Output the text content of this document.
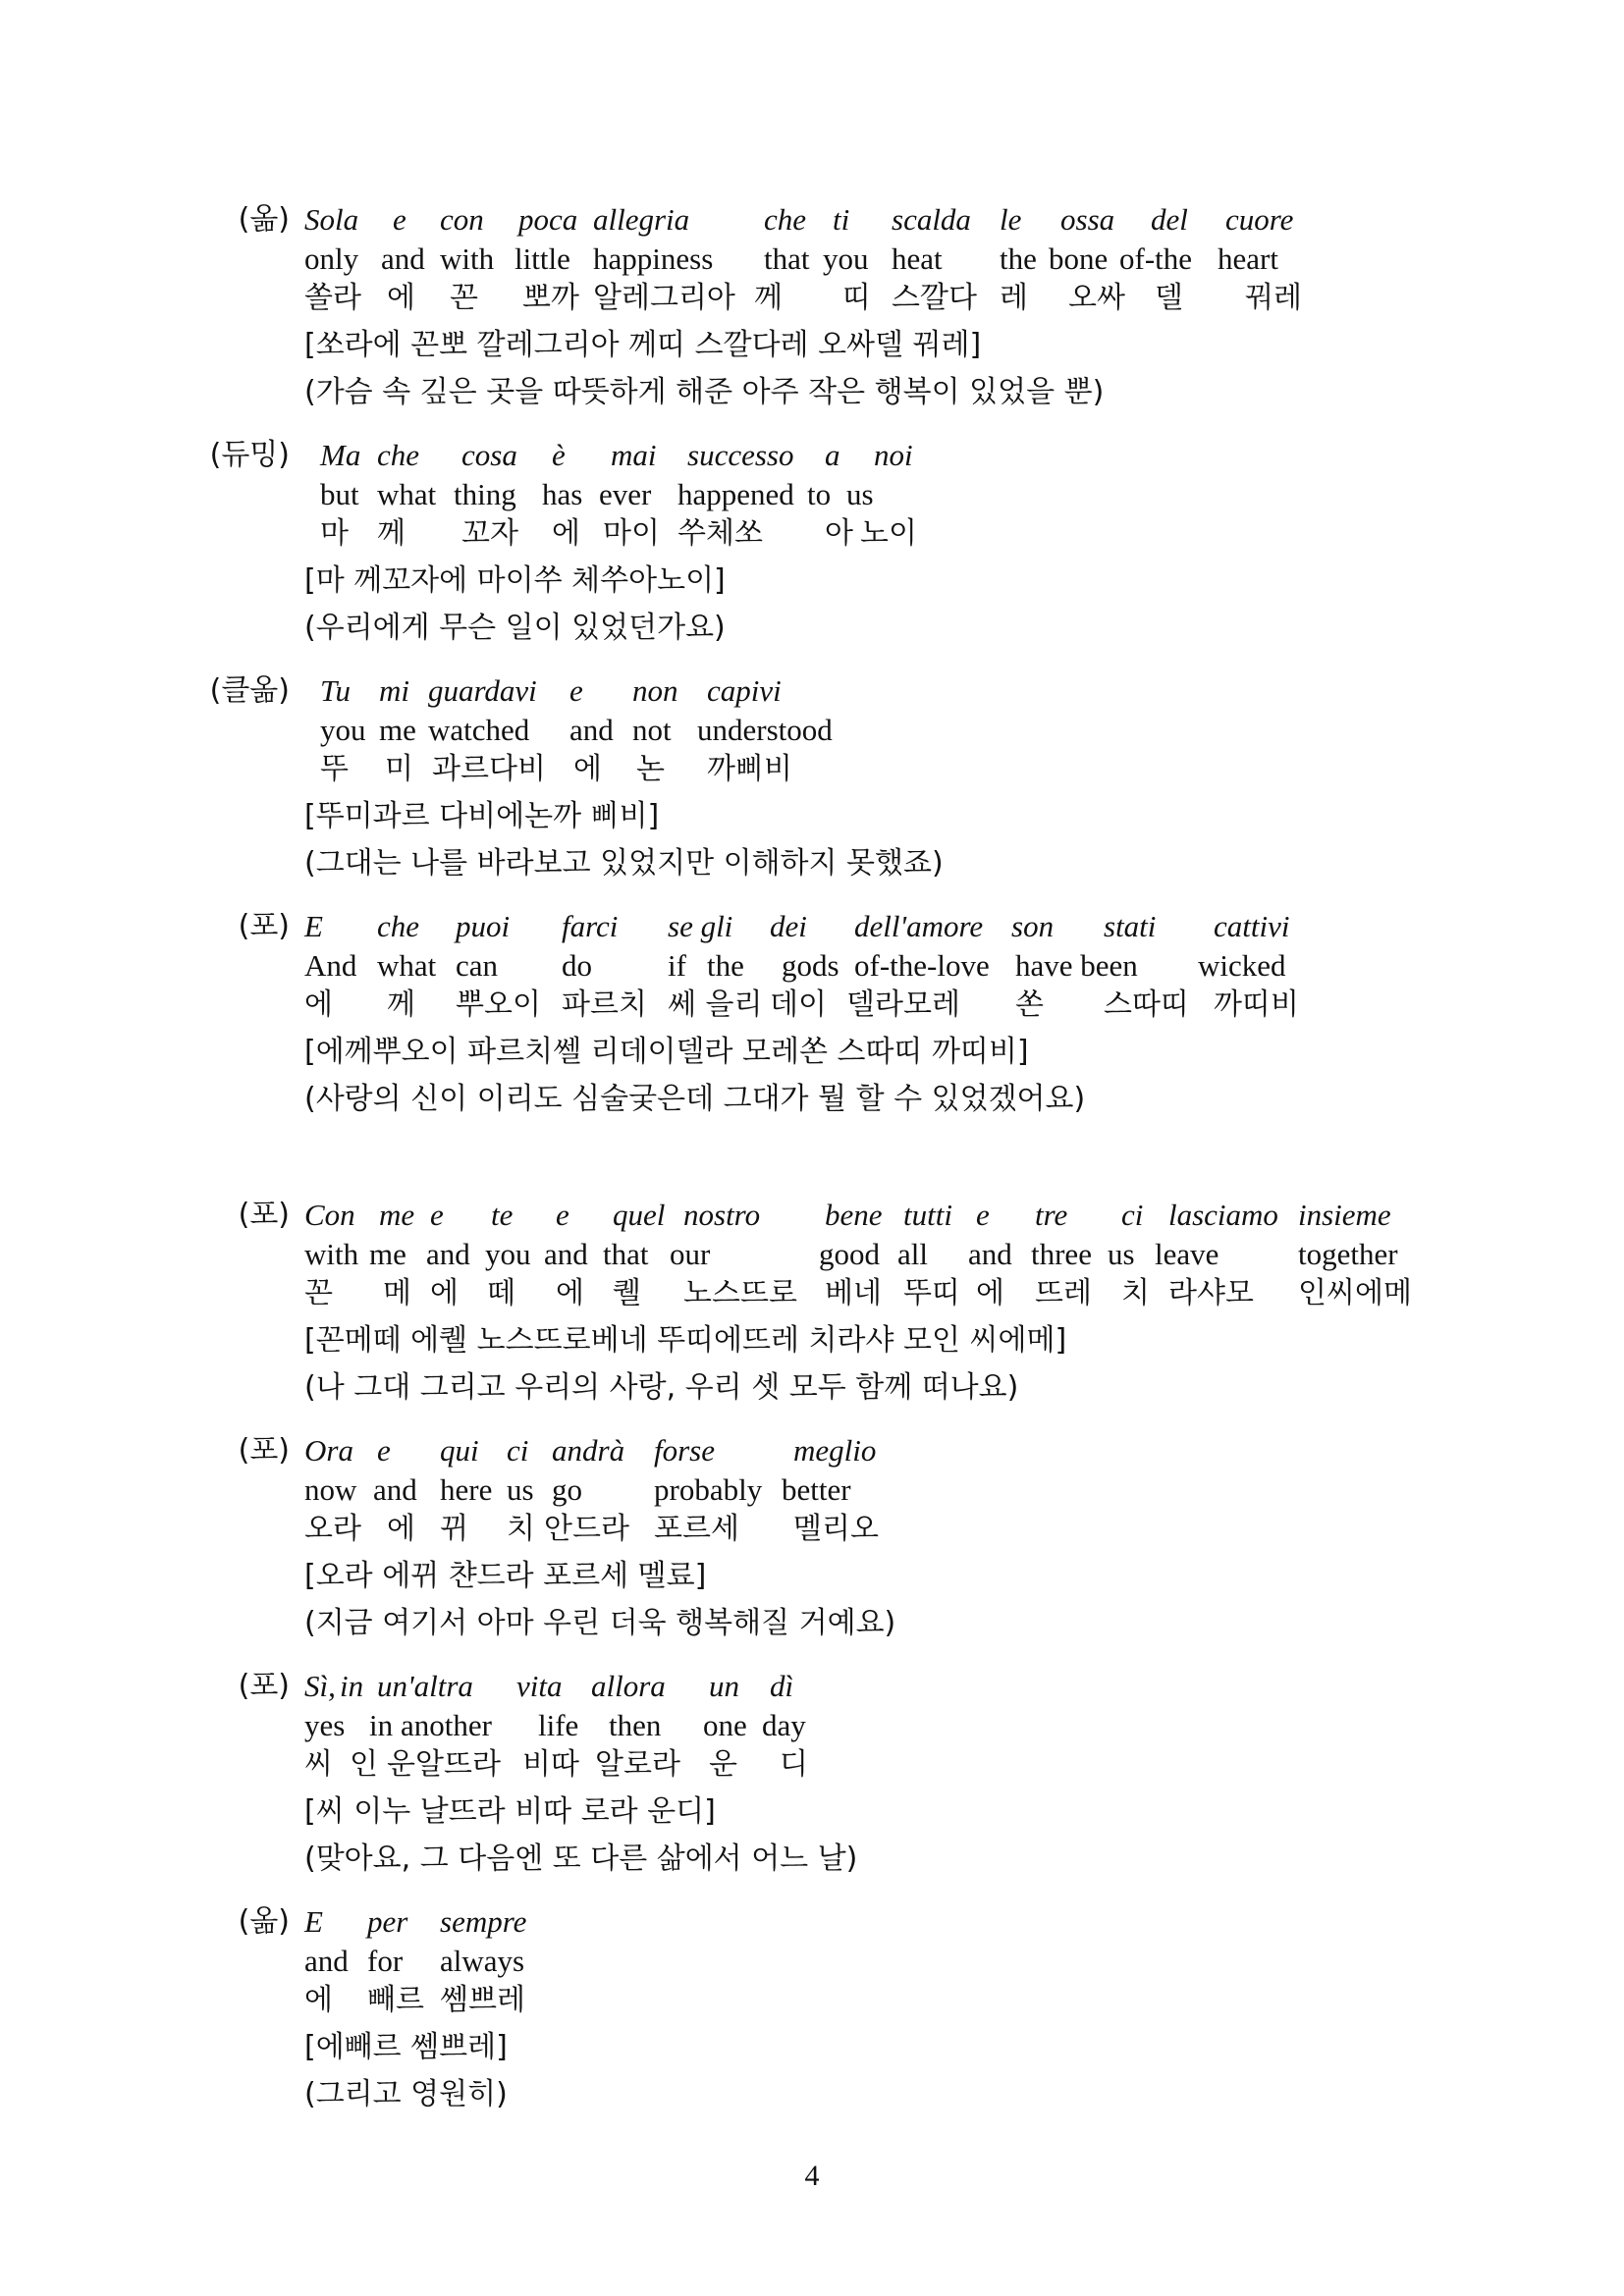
(옮) Sola e con poca allegria che ti scalda le ossa del cuore
only and with little happiness that you heat the bone of-the heart
쏠라 에 꼰 뽀까 알레그리아 께 띠 스깔다 레 오싸 델 꿔레
[쏘라에 꼰뽀 깔레그리아 께띠 스깔다레 오싸델 꿔레]
(가슴 속 깊은 곳을 따뜻하게 해준 아주 작은 행복이 있었을 뿐)
(듀밍) Ma che cosa è mai successo a noi
but what thing has ever happened to us
마 께 꼬자 에 마이 쑤체쏘 아 노이
[마 께꼬자에 마이쑤 체쑤아노이]
(우리에게 무슨 일이 있었던가요)
(클옮) Tu mi guardavi e non capivi
you me watched and not understood
뚜 미 과르다비 에 논 까삐비
[뚜미과르 다비에논까 삐비]
(그대는 나를 바라보고 있었지만 이해하지 못했죠)
(포) E che puoi farci se gli dei dell'amore son stati cattivi
And what can do if the gods of-the-love have been wicked
에 께 뿌오이 파르치 쎄 을리 데이 델라모레 쏜 스따띠 까띠비
[에께뿌오이 파르치쎌 리데이델라 모레쏜 스따띠 까띠비]
(사랑의 신이 이리도 심술궂은데 그대가 뭘 할 수 있었겠어요)
(포) Con me e te e quel nostro bene tutti e tre ci lasciamo insieme
with me and you and that our	good all and three us leave	together
꼰 메 에 떼 에 퀠 노스뜨로 베네 뚜띠 에 뜨레 치 라샤모 인씨에메
[꼰메떼 에퀠 노스뜨로베네 뚜띠에뜨레 치라샤 모인 씨에메]
(나 그대 그리고 우리의 사랑, 우리 셋 모두 함께 떠나요)
(포) Ora e qui ci andrà forse	meglio
now and here us go probably better
오라 에 뀌 치 안드라 포르세 멜리오
[오라 에뀌 챤드라 포르세 멜료]
(지금 여기서 아마 우린 더욱 행복해질 거예요)
(포) Sì, in un'altra vita allora un dì
yes in another life then one day
씨 인 운알뜨라 비따 알로라 운 디
[씨 이누 날뜨라 비따 로라 운디]
(맞아요, 그 다음엔 또 다른 삶에서 어느 날)
(옮) E per sempre
and for always
에 빼르 쎔쁘레
[에빼르 쎔쁘레]
(그리고 영원히)
4
